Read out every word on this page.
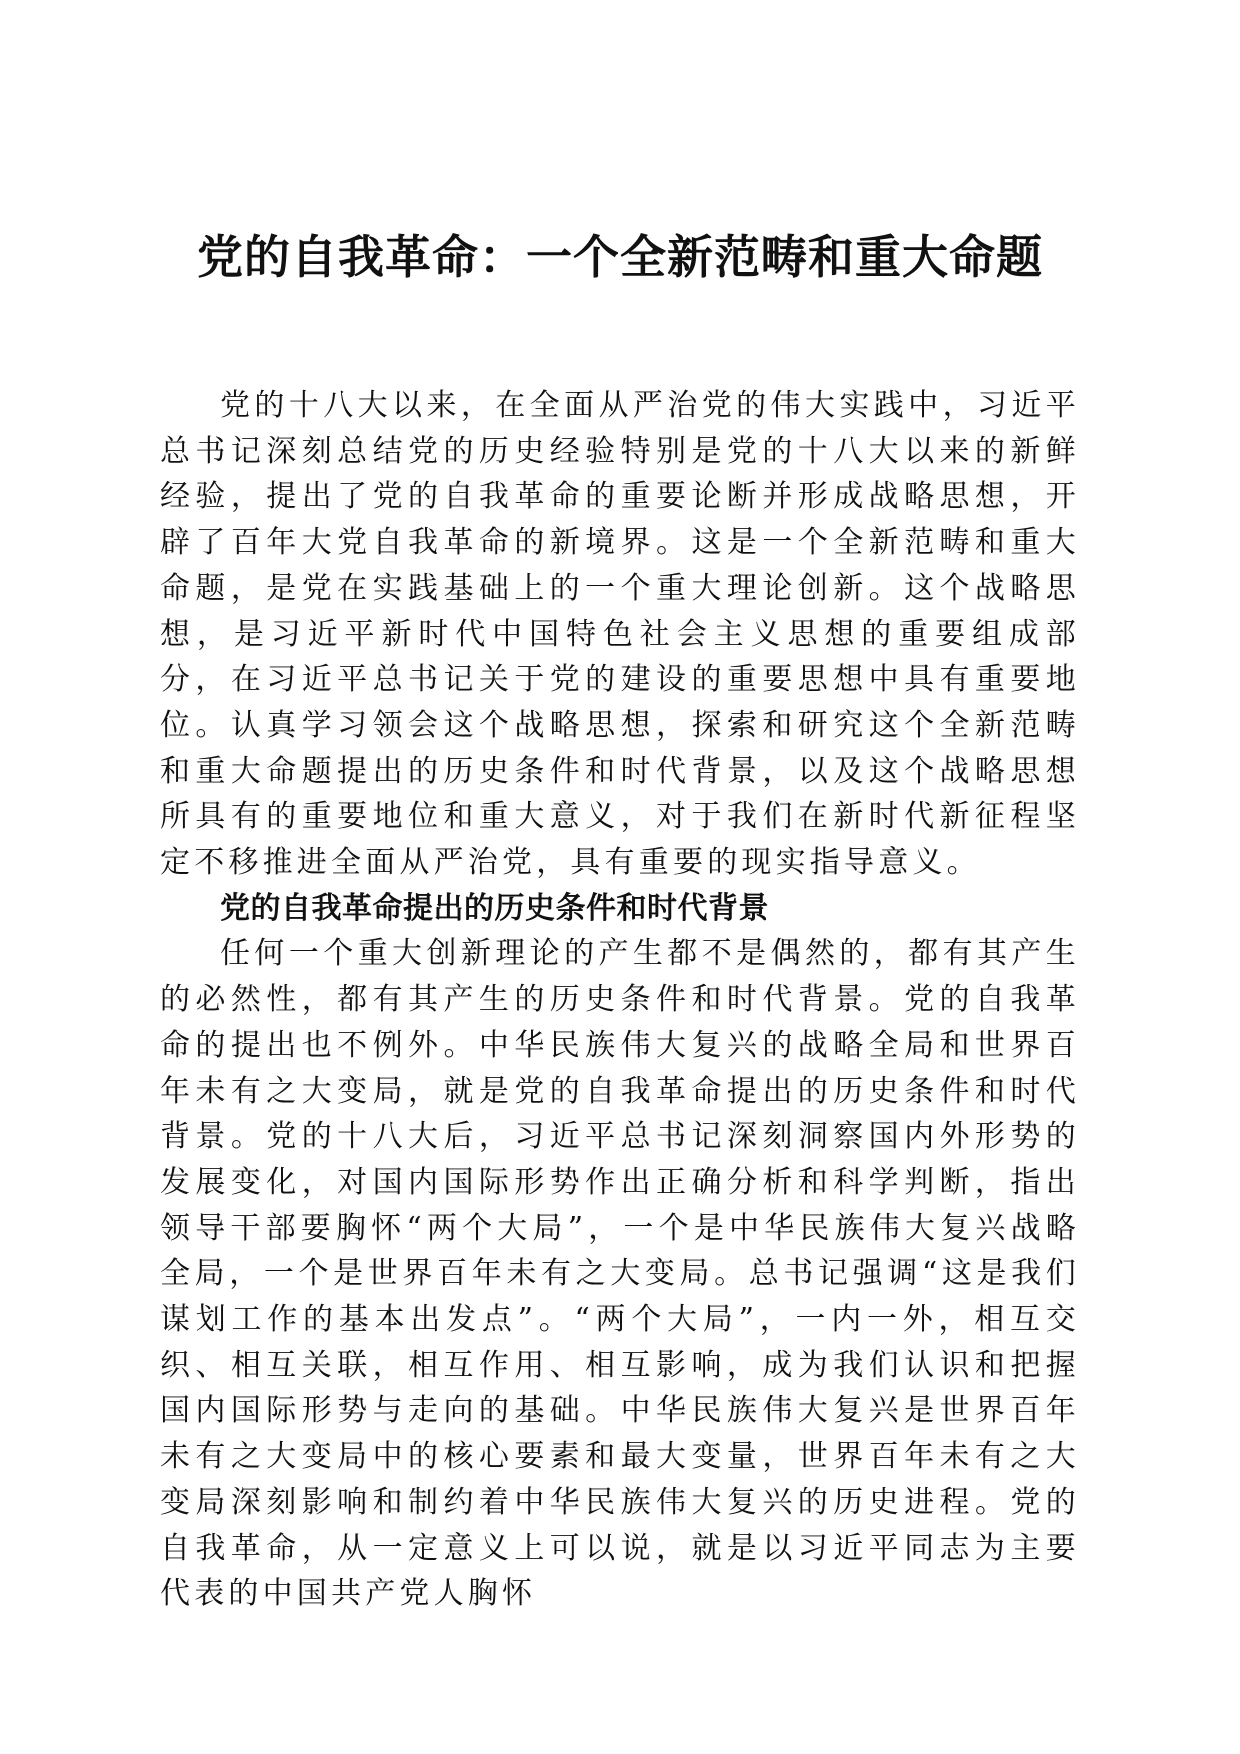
党的自我革命：一个全新范畴和重大命题

党的十八大以来，在全面从严治党的伟大实践中，习近平总书记深刻总结党的历史经验特别是党的十八大以来的新鲜经验，提出了党的自我革命的重要论断并形成战略思想，开辟了百年大党自我革命的新境界。这是一个全新范畴和重大命题，是党在实践基础上的一个重大理论创新。这个战略思想，是习近平新时代中国特色社会主义思想的重要组成部分，在习近平总书记关于党的建设的重要思想中具有重要地位。认真学习领会这个战略思想，探索和研究这个全新范畴和重大命题提出的历史条件和时代背景，以及这个战略思想所具有的重要地位和重大意义，对于我们在新时代新征程坚定不移推进全面从严治党，具有重要的现实指导意义。

党的自我革命提出的历史条件和时代背景

任何一个重大创新理论的产生都不是偶然的，都有其产生的必然性，都有其产生的历史条件和时代背景。党的自我革命的提出也不例外。中华民族伟大复兴的战略全局和世界百年未有之大变局，就是党的自我革命提出的历史条件和时代背景。党的十八大后，习近平总书记深刻洞察国内外形势的发展变化，对国内国际形势作出正确分析和科学判断，指出领导干部要胸怀“两个大局”，一个是中华民族伟大复兴战略全局，一个是世界百年未有之大变局。总书记强调“这是我们谋划工作的基本出发点”。“两个大局”，一内一外，相互交织、相互关联，相互作用、相互影响，成为我们认识和把握国内国际形势与走向的基础。中华民族伟大复兴是世界百年未有之大变局中的核心要素和最大变量，世界百年未有之大变局深刻影响和制约着中华民族伟大复兴的历史进程。党的自我革命，从一定意义上可以说，就是以习近平同志为主要代表的中国共产党人胸怀
